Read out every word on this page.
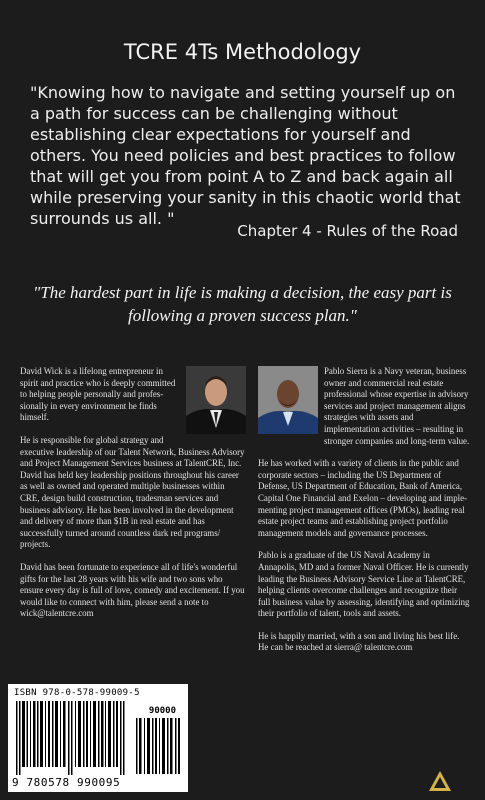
TCRE 4Ts Methodology
"Knowing how to navigate and setting yourself up on a path for success can be challenging without establishing clear expectations for yourself and others. You need policies and best practices to follow that will get you from point A to Z and back again all while preserving your sanity in this chaotic world that surrounds us all. "
Chapter 4 - Rules of the Road
"The hardest part in life is making a decision, the easy part is following a proven success plan."

David Wick is a lifelong entrepreneur in spirit and practice who is deeply committed to helping people personally and professionally in every environment he finds himself.

He is responsible for global strategy and executive leadership of our Talent Network, Business Advisory and Project Management Services business at TalentCRE, Inc. David has held key leadership positions throughout his career as well as owned and operated multiple businesses within CRE, design build construction, tradesman services and business advisory. He has been involved in the development and delivery of more than $1B in real estate and has successfully turned around countless dark red programs/ projects.

David has been fortunate to experience all of life's wonderful gifts for the last 28 years with his wife and two sons who ensure every day is full of love, comedy and excitement. If you would like to connect with him, please send a note to wick@talentcre.com

Pablo Sierra is a Navy veteran, business owner and commercial real estate professional whose expertise in advisory services and project management aligns strategies with assets and implementation activities – resulting in stronger companies and long-term value.

He has worked with a variety of clients in the public and corporate sectors – including the US Department of Defense, US Department of Education, Bank of America, Capital One Financial and Exelon – developing and implementing project management offices (PMOs), leading real estate project teams and establishing project portfolio management models and governance processes.

Pablo is a graduate of the US Naval Academy in Annapolis, MD and a former Naval Officer. He is currently leading the Business Advisory Service Line at TalentCRE, helping clients overcome challenges and recognize their full business value by assessing, identifying and optimizing their portfolio of talent, tools and assets.

He is happily married, with a son and living his best life. He can be reached at sierra@ talentcre.com

ISBN 978-0-578-99009-5
90000
9 780578 990095
